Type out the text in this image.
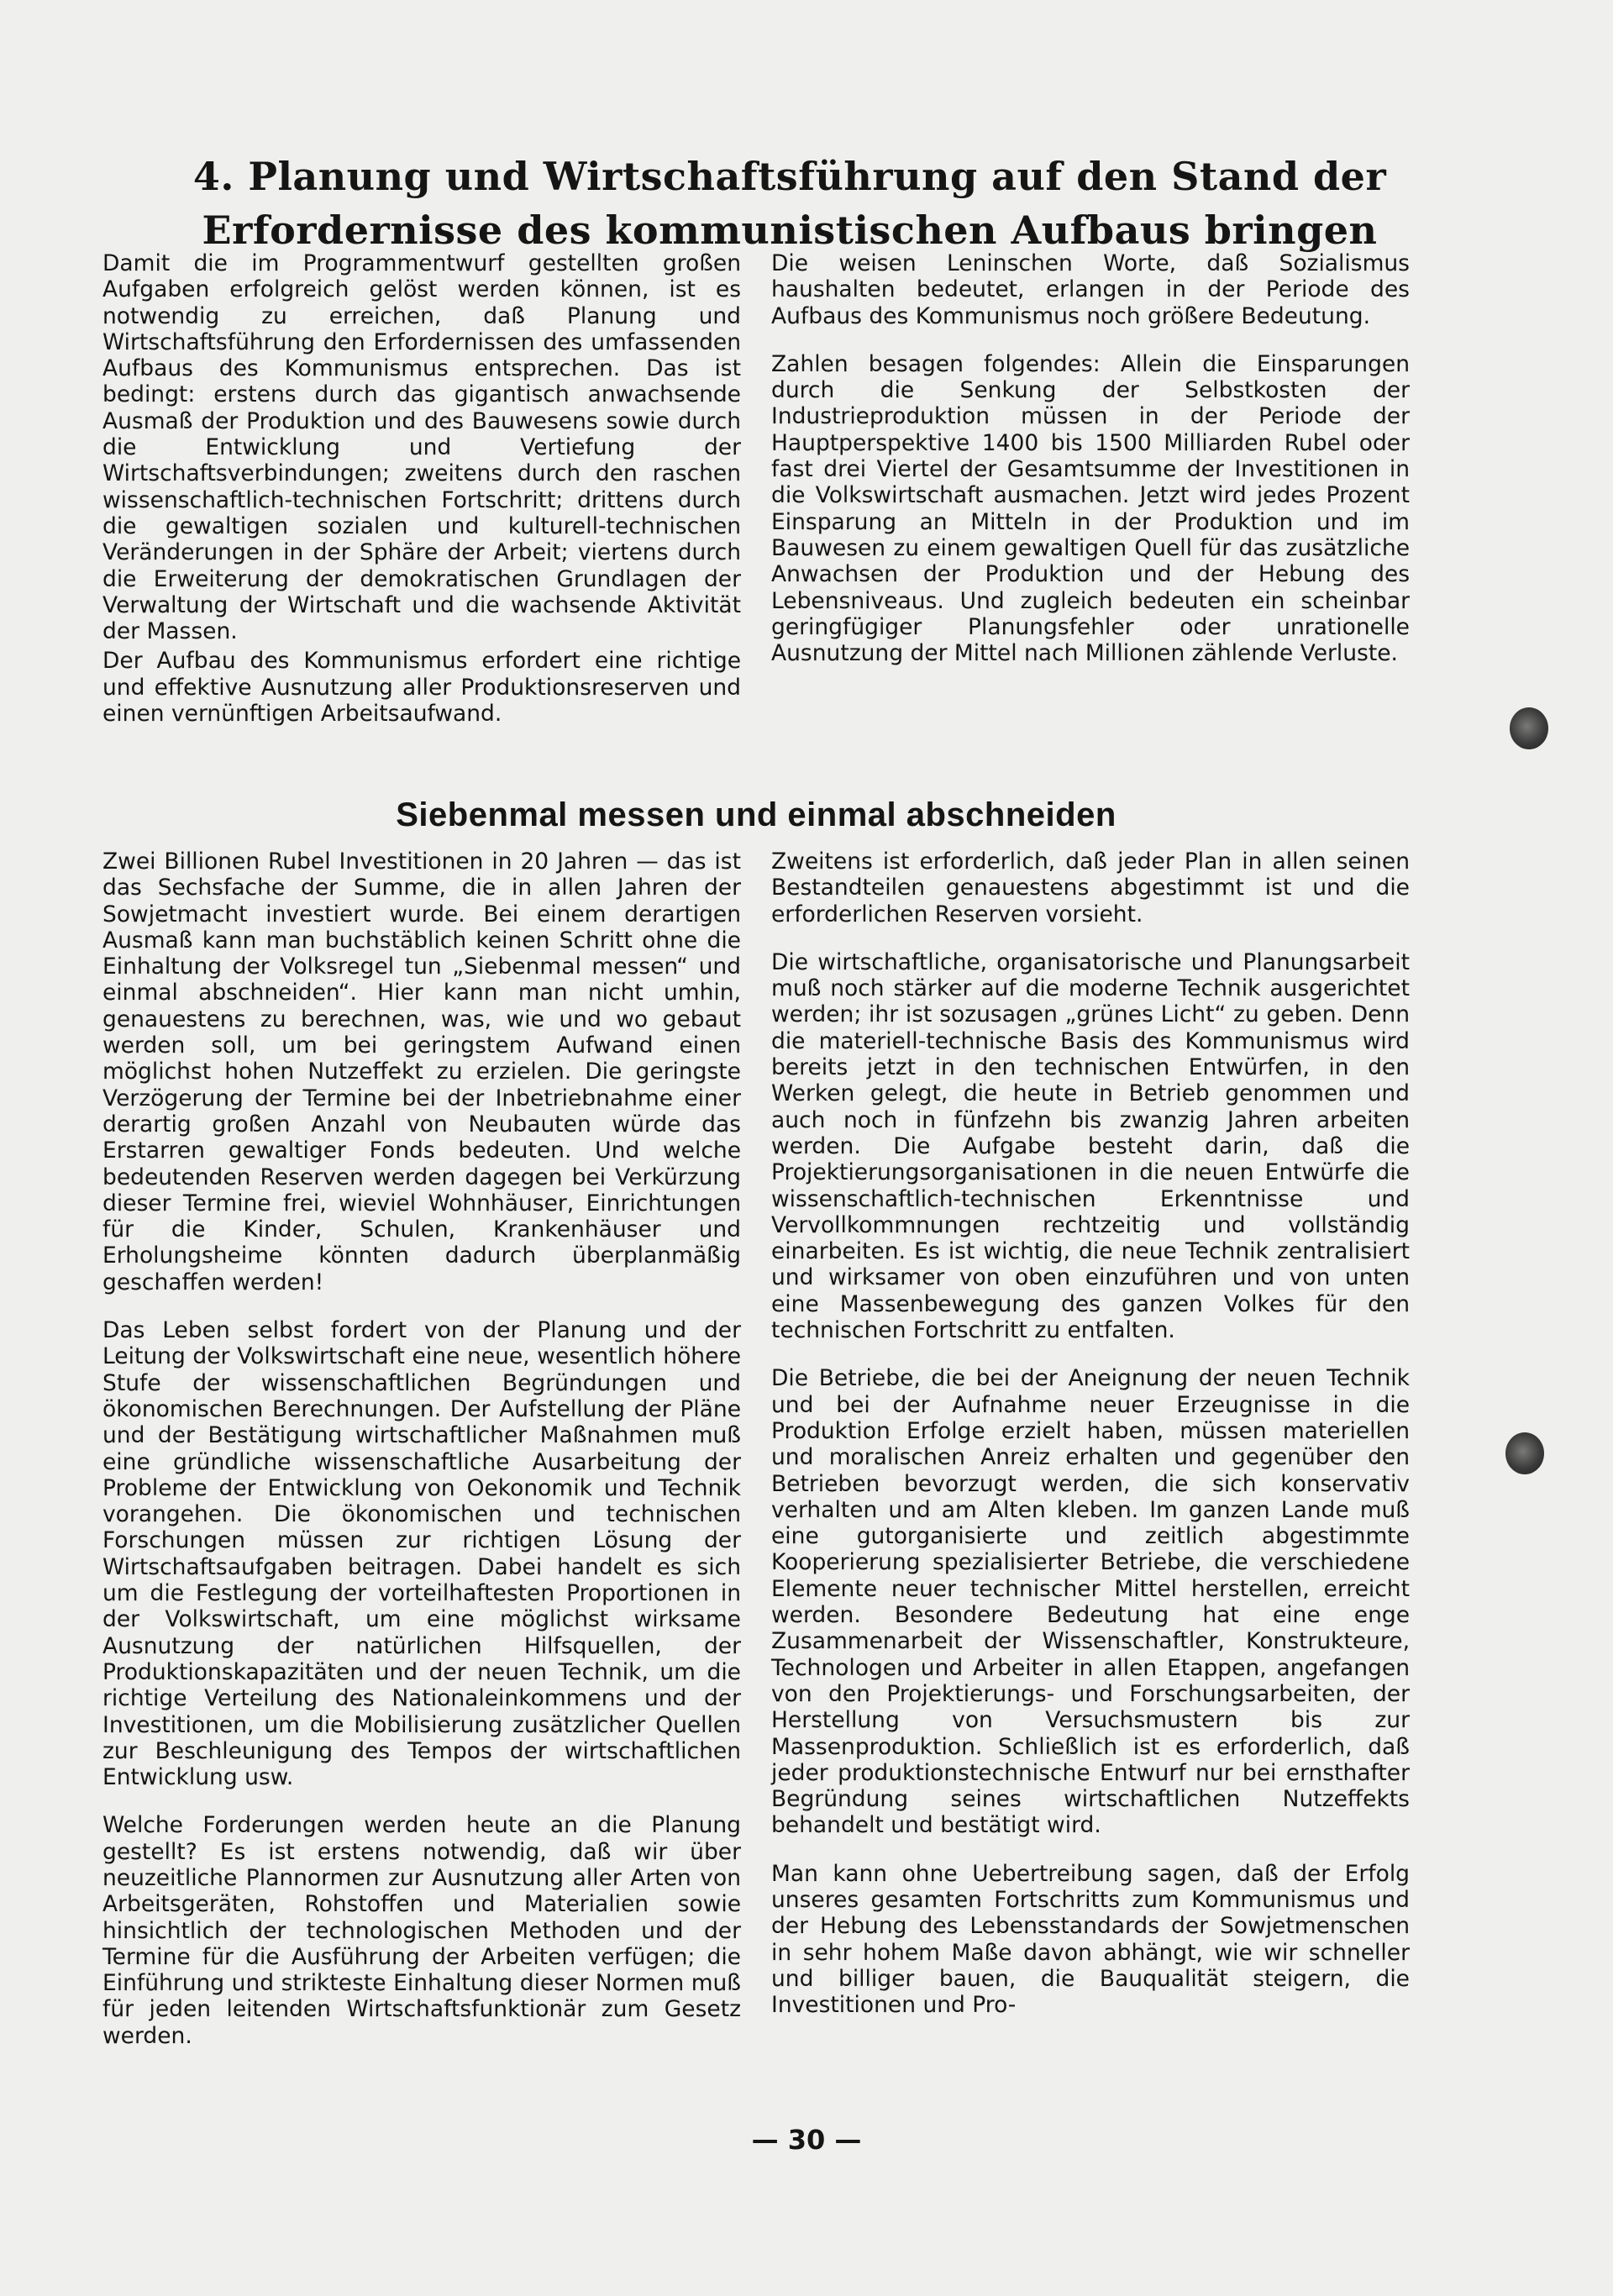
4. Planung und Wirtschaftsführung auf den Stand der Erfordernisse des kommunistischen Aufbaus bringen

Damit die im Programmentwurf gestellten großen Aufgaben erfolgreich gelöst werden können, ist es notwendig zu erreichen, daß Planung und Wirtschaftsführung den Erfordernissen des umfassenden Aufbaus des Kommunismus entsprechen. Das ist bedingt: erstens durch das gigantisch anwachsende Ausmaß der Produktion und des Bauwesens sowie durch die Entwicklung und Vertiefung der Wirtschaftsverbindungen; zweitens durch den raschen wissenschaftlich-technischen Fortschritt; drittens durch die gewaltigen sozialen und kulturell-technischen Veränderungen in der Sphäre der Arbeit; viertens durch die Erweiterung der demokratischen Grundlagen der Verwaltung der Wirtschaft und die wachsende Aktivität der Massen.

Der Aufbau des Kommunismus erfordert eine richtige und effektive Ausnutzung aller Produktionsreserven und einen vernünftigen Arbeitsaufwand.

Die weisen Leninschen Worte, daß Sozialismus haushalten bedeutet, erlangen in der Periode des Aufbaus des Kommunismus noch größere Bedeutung.

Zahlen besagen folgendes: Allein die Einsparungen durch die Senkung der Selbstkosten der Industrieproduktion müssen in der Periode der Hauptperspektive 1400 bis 1500 Milliarden Rubel oder fast drei Viertel der Gesamtsumme der Investitionen in die Volkswirtschaft ausmachen. Jetzt wird jedes Prozent Einsparung an Mitteln in der Produktion und im Bauwesen zu einem gewaltigen Quell für das zusätzliche Anwachsen der Produktion und der Hebung des Lebensniveaus. Und zugleich bedeuten ein scheinbar geringfügiger Planungsfehler oder unrationelle Ausnutzung der Mittel nach Millionen zählende Verluste.

Siebenmal messen und einmal abschneiden

Zwei Billionen Rubel Investitionen in 20 Jahren — das ist das Sechsfache der Summe, die in allen Jahren der Sowjetmacht investiert wurde. Bei einem derartigen Ausmaß kann man buchstäblich keinen Schritt ohne die Einhaltung der Volksregel tun „Siebenmal messen“ und einmal abschneiden“. Hier kann man nicht umhin, genauestens zu berechnen, was, wie und wo gebaut werden soll, um bei geringstem Aufwand einen möglichst hohen Nutzeffekt zu erzielen. Die geringste Verzögerung der Termine bei der Inbetriebnahme einer derartig großen Anzahl von Neubauten würde das Erstarren gewaltiger Fonds bedeuten. Und welche bedeutenden Reserven werden dagegen bei Verkürzung dieser Termine frei, wieviel Wohnhäuser, Einrichtungen für die Kinder, Schulen, Krankenhäuser und Erholungsheime könnten dadurch überplanmäßig geschaffen werden!

Das Leben selbst fordert von der Planung und der Leitung der Volkswirtschaft eine neue, wesentlich höhere Stufe der wissenschaftlichen Begründungen und ökonomischen Berechnungen. Der Aufstellung der Pläne und der Bestätigung wirtschaftlicher Maßnahmen muß eine gründliche wissenschaftliche Ausarbeitung der Probleme der Entwicklung von Oekonomik und Technik vorangehen. Die ökonomischen und technischen Forschungen müssen zur richtigen Lösung der Wirtschaftsaufgaben beitragen. Dabei handelt es sich um die Festlegung der vorteilhaftesten Proportionen in der Volkswirtschaft, um eine möglichst wirksame Ausnutzung der natürlichen Hilfsquellen, der Produktionskapazitäten und der neuen Technik, um die richtige Verteilung des Nationaleinkommens und der Investitionen, um die Mobilisierung zusätzlicher Quellen zur Beschleunigung des Tempos der wirtschaftlichen Entwicklung usw.

Welche Forderungen werden heute an die Planung gestellt? Es ist erstens notwendig, daß wir über neuzeitliche Plannormen zur Ausnutzung aller Arten von Arbeitsgeräten, Rohstoffen und Materialien sowie hinsichtlich der technologischen Methoden und der Termine für die Ausführung der Arbeiten verfügen; die Einführung und strikteste Einhaltung dieser Normen muß für jeden leitenden Wirtschaftsfunktionär zum Gesetz werden.

Zweitens ist erforderlich, daß jeder Plan in allen seinen Bestandteilen genauestens abgestimmt ist und die erforderlichen Reserven vorsieht.

Die wirtschaftliche, organisatorische und Planungsarbeit muß noch stärker auf die moderne Technik ausgerichtet werden; ihr ist sozusagen „grünes Licht“ zu geben. Denn die materiell-technische Basis des Kommunismus wird bereits jetzt in den technischen Entwürfen, in den Werken gelegt, die heute in Betrieb genommen und auch noch in fünfzehn bis zwanzig Jahren arbeiten werden. Die Aufgabe besteht darin, daß die Projektierungsorganisationen in die neuen Entwürfe die wissenschaftlich-technischen Erkenntnisse und Vervollkommnungen rechtzeitig und vollständig einarbeiten. Es ist wichtig, die neue Technik zentralisiert und wirksamer von oben einzuführen und von unten eine Massenbewegung des ganzen Volkes für den technischen Fortschritt zu entfalten.

Die Betriebe, die bei der Aneignung der neuen Technik und bei der Aufnahme neuer Erzeugnisse in die Produktion Erfolge erzielt haben, müssen materiellen und moralischen Anreiz erhalten und gegenüber den Betrieben bevorzugt werden, die sich konservativ verhalten und am Alten kleben. Im ganzen Lande muß eine gutorganisierte und zeitlich abgestimmte Kooperierung spezialisierter Betriebe, die verschiedene Elemente neuer technischer Mittel herstellen, erreicht werden. Besondere Bedeutung hat eine enge Zusammenarbeit der Wissenschaftler, Konstrukteure, Technologen und Arbeiter in allen Etappen, angefangen von den Projektierungs- und Forschungsarbeiten, der Herstellung von Versuchsmustern bis zur Massenproduktion. Schließlich ist es erforderlich, daß jeder produktionstechnische Entwurf nur bei ernsthafter Begründung seines wirtschaftlichen Nutzeffekts behandelt und bestätigt wird.

Man kann ohne Uebertreibung sagen, daß der Erfolg unseres gesamten Fortschritts zum Kommunismus und der Hebung des Lebensstandards der Sowjetmenschen in sehr hohem Maße davon abhängt, wie wir schneller und billiger bauen, die Bauqualität steigern, die Investitionen und Pro-

— 30 —
